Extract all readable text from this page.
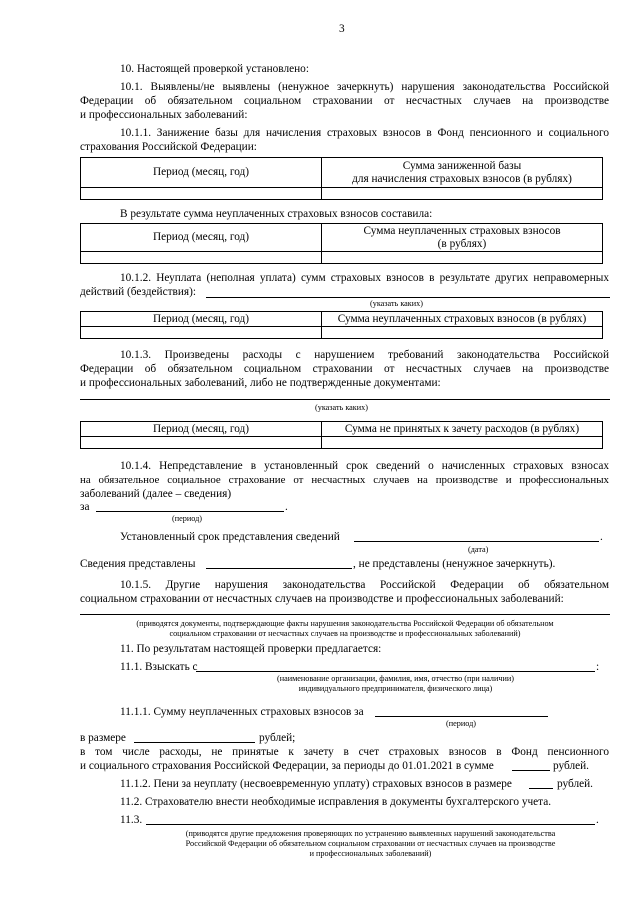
3
10. Настоящей проверкой установлено:
10.1. Выявлены/не выявлены (ненужное зачеркнуть) нарушения законодательства Российской
Федерации об обязательном социальном страховании от несчастных случаев на производстве
и профессиональных заболеваний:
10.1.1. Занижение базы для начисления страховых взносов в Фонд пенсионного и социального
страхования Российской Федерации:
Период (месяц, год)	Сумма заниженной базы
для начисления страховых взносов (в рублях)

В результате сумма неуплаченных страховых взносов составила:
Период (месяц, год)	Сумма неуплаченных страховых взносов
(в рублях)

10.1.2. Неуплата (неполная уплата) сумм страховых взносов в результате других неправомерных
действий (бездействия):
(указать каких)
Период (месяц, год)	Сумма неуплаченных страховых взносов (в рублях)

10.1.3. Произведены расходы с нарушением требований законодательства Российской
Федерации об обязательном социальном страховании от несчастных случаев на производстве
и профессиональных заболеваний, либо не подтвержденные документами:
(указать каких)
Период (месяц, год)	Сумма не принятых к зачету расходов (в рублях)

10.1.4. Непредставление в установленный срок сведений о начисленных страховых взносах
на обязательное социальное страхование от несчастных случаев на производстве и профессиональных
заболеваний (далее – сведения)
за	.
(период)
Установленный срок представления сведений	.
(дата)
Сведения представлены	, не представлены (ненужное зачеркнуть).
10.1.5. Другие нарушения законодательства Российской Федерации об обязательном
социальном страховании от несчастных случаев на производстве и профессиональных заболеваний:
(приводятся документы, подтверждающие факты нарушения законодательства Российской Федерации об обязательном
социальном страховании от несчастных случаев на производстве и профессиональных заболеваний)
11. По результатам настоящей проверки предлагается:
11.1. Взыскать с	:
(наименование организации, фамилия, имя, отчество (при наличии)
индивидуального предпринимателя, физического лица)
11.1.1. Сумму неуплаченных страховых взносов за
(период)
в размере	рублей;
в том числе расходы, не принятые к зачету в счет страховых взносов в Фонд пенсионного
и социального страхования Российской Федерации, за периоды до 01.01.2021 в сумме	рублей.
11.1.2. Пени за неуплату (несвоевременную уплату) страховых взносов в размере	рублей.
11.2. Страхователю внести необходимые исправления в документы бухгалтерского учета.
11.3.	.
(приводятся другие предложения проверяющих по устранению выявленных нарушений законодательства
Российской Федерации об обязательном социальном страховании от несчастных случаев на производстве
и профессиональных заболеваний)
